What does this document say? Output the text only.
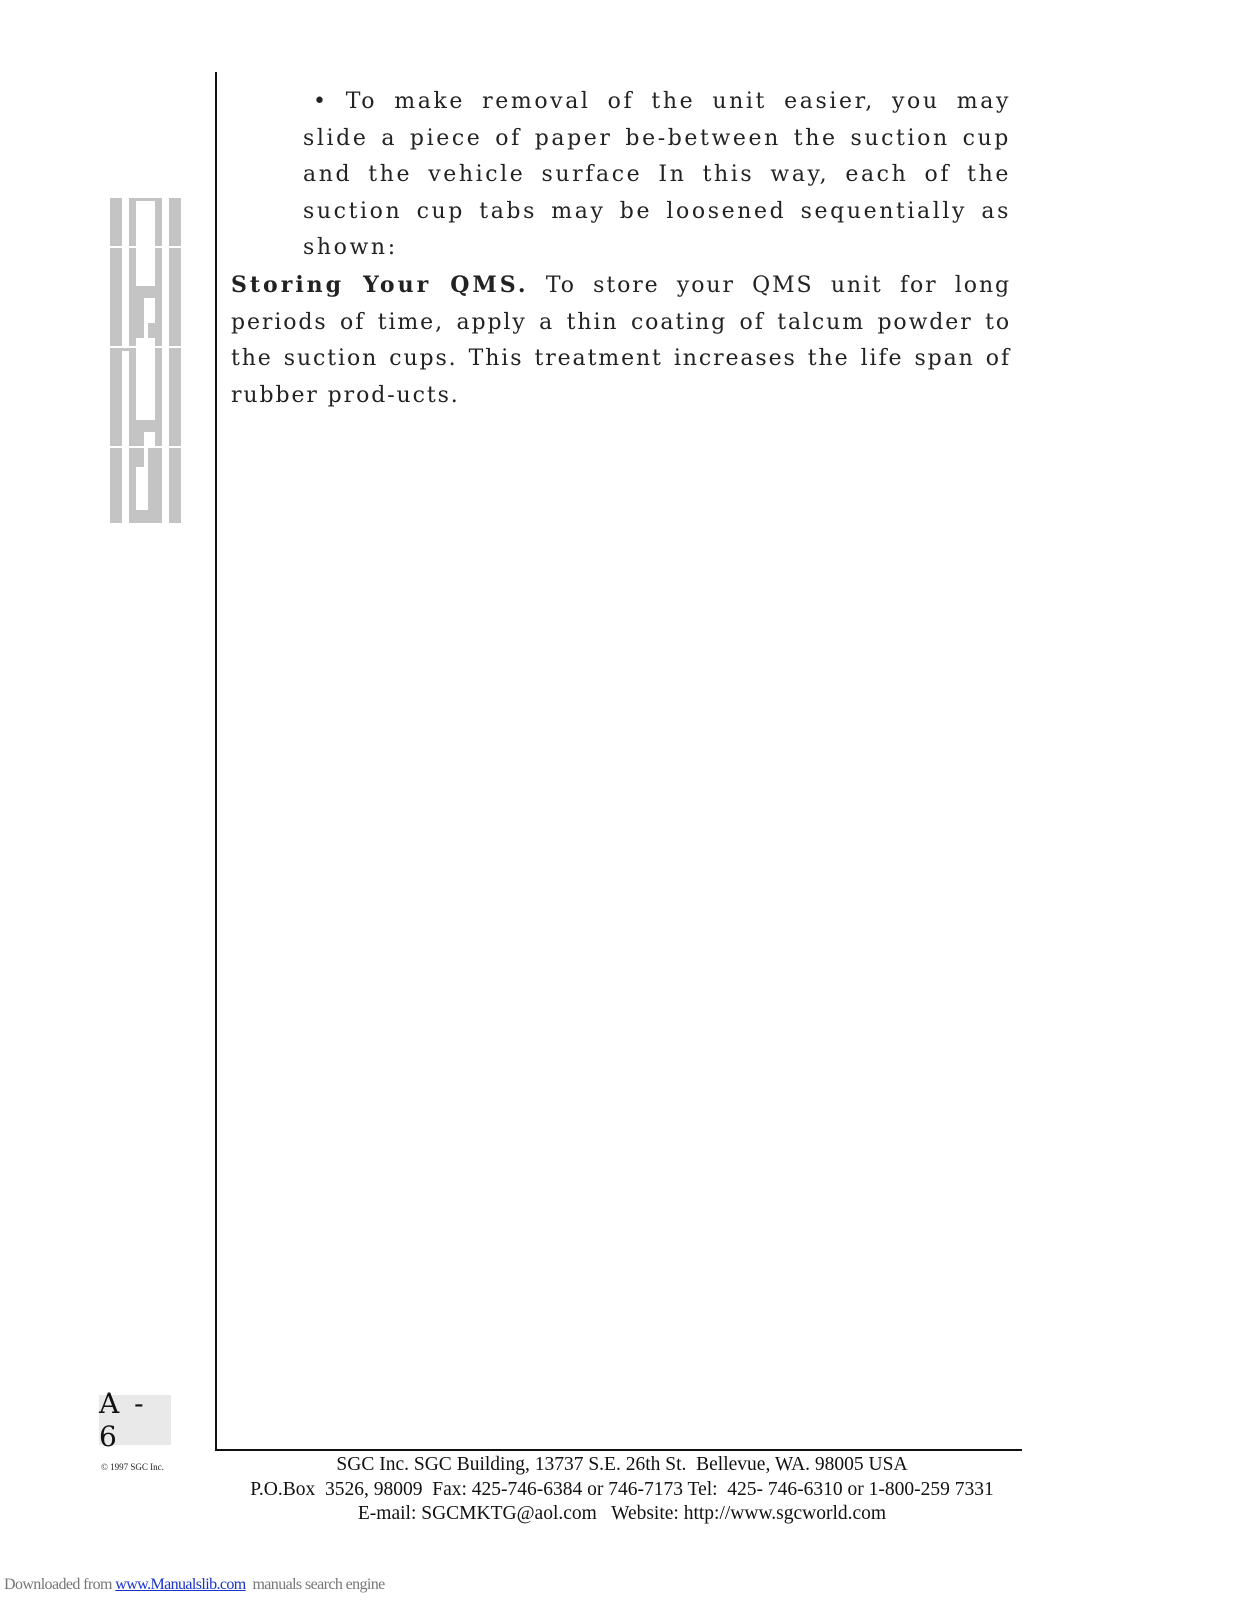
• To make removal of the unit easier, you may slide a piece of paper be-between the suction cup and the vehicle surface In this way, each of the suction cup tabs may be loosened sequentially as shown:

Storing Your QMS. To store your QMS unit for long periods of time, apply a thin coating of talcum powder to the suction cups. This treatment increases the life span of rubber prod-ucts.

A - 6
© 1997 SGC Inc.	SGC Inc. SGC Building, 13737 S.E. 26th St.  Bellevue, WA. 98005 USA
P.O.Box  3526, 98009  Fax: 425-746-6384 or 746-7173 Tel:  425- 746-6310 or 1-800-259 7331
E-mail: SGCMKTG@aol.com   Website: http://www.sgcworld.com
Downloaded from www.Manualslib.com  manuals search engine
